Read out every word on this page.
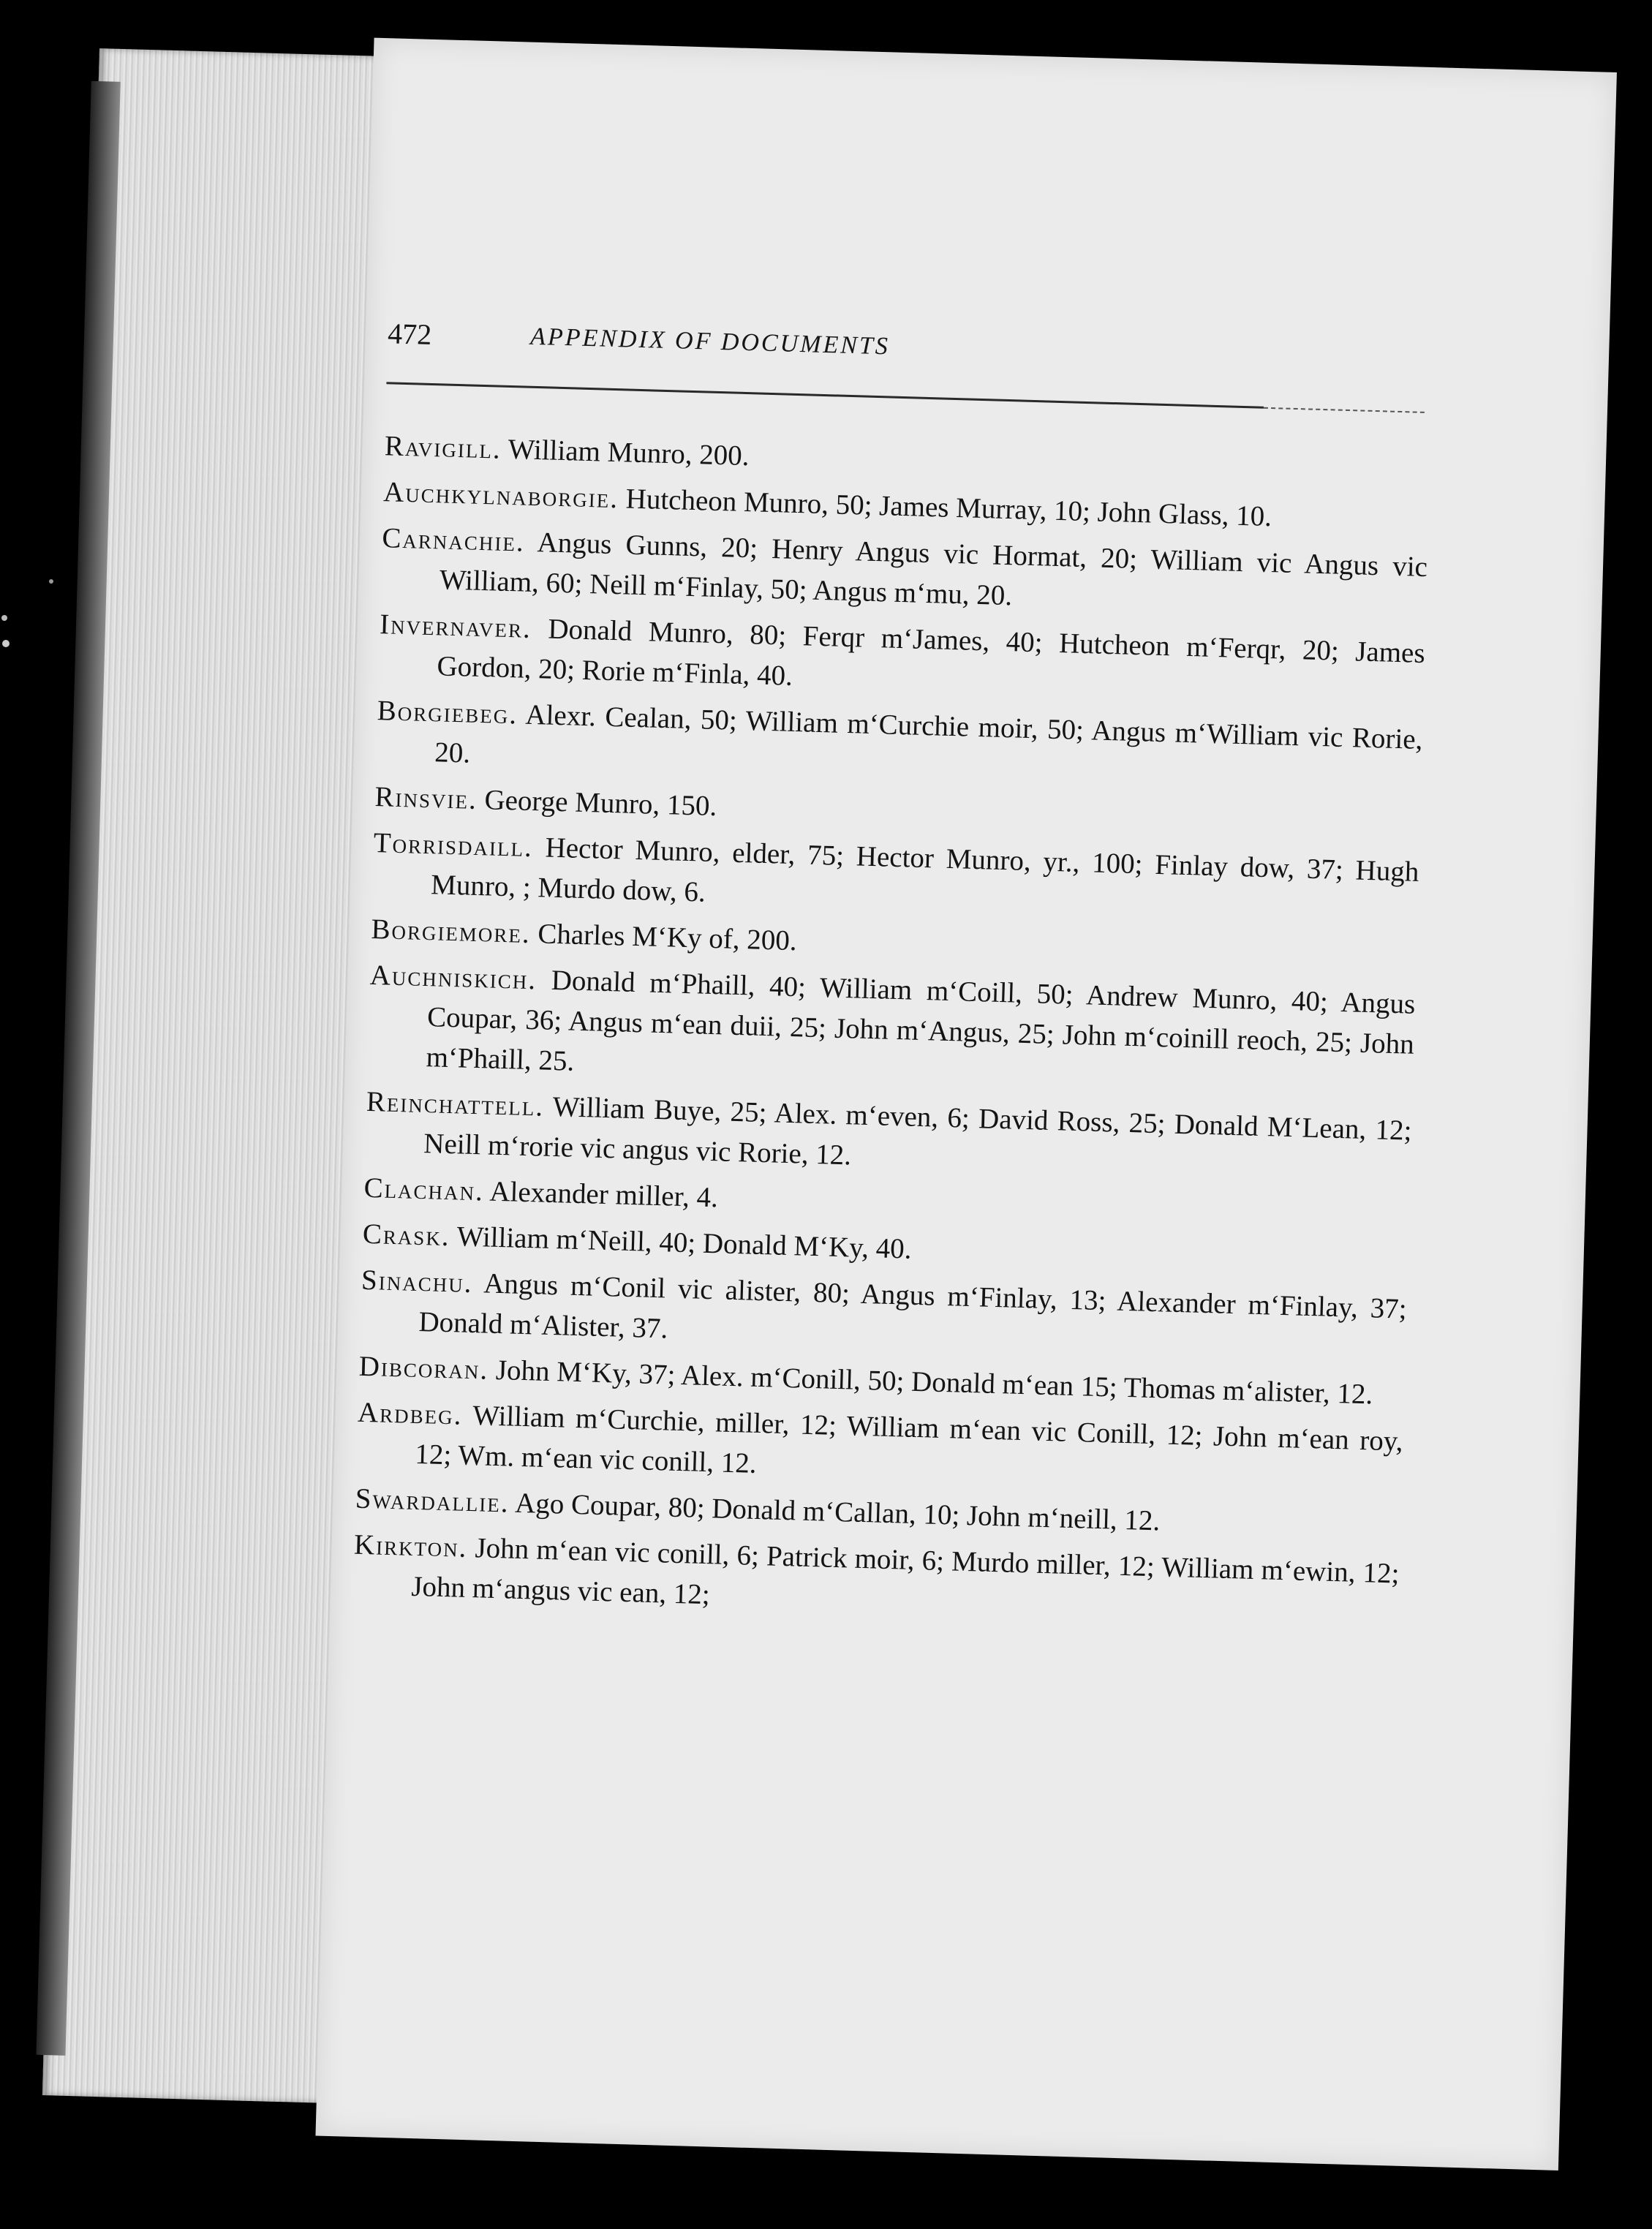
472	APPENDIX OF DOCUMENTS

Ravigill. William Munro, 200.

Auchkylnaborgie. Hutcheon Munro, 50; James Murray, 10; John Glass, 10.

Carnachie. Angus Gunns, 20; Henry Angus vic Hormat, 20; William vic Angus vic William, 60; Neill m‘Finlay, 50; Angus m‘mu, 20.

Invernaver. Donald Munro, 80; Ferqr m‘James, 40; Hutcheon m‘Ferqr, 20; James Gordon, 20; Rorie m‘Finla, 40.

Borgiebeg. Alexr. Cealan, 50; William m‘Curchie moir, 50; Angus m‘William vic Rorie, 20.

Rinsvie. George Munro, 150.

Torrisdaill. Hector Munro, elder, 75; Hector Munro, yr., 100; Finlay dow, 37; Hugh Munro, ; Murdo dow, 6.

Borgiemore. Charles M‘Ky of, 200.

Auchniskich. Donald m‘Phaill, 40; William m‘Coill, 50; Andrew Munro, 40; Angus Coupar, 36; Angus m‘ean duii, 25; John m‘Angus, 25; John m‘coinill reoch, 25; John m‘Phaill, 25.

Reinchattell. William Buye, 25; Alex. m‘even, 6; David Ross, 25; Donald M‘Lean, 12; Neill m‘rorie vic angus vic Rorie, 12.

Clachan. Alexander miller, 4.

Crask. William m‘Neill, 40; Donald M‘Ky, 40.

Sinachu. Angus m‘Conil vic alister, 80; Angus m‘Finlay, 13; Alexander m‘Finlay, 37; Donald m‘Alister, 37.

Dibcoran. John M‘Ky, 37; Alex. m‘Conill, 50; Donald m‘ean 15; Thomas m‘alister, 12.

Ardbeg. William m‘Curchie, miller, 12; William m‘ean vic Conill, 12; John m‘ean roy, 12; Wm. m‘ean vic conill, 12.

Swardallie. Ago Coupar, 80; Donald m‘Callan, 10; John m‘neill, 12.

Kirkton. John m‘ean vic conill, 6; Patrick moir, 6; Murdo miller, 12; William m‘ewin, 12; John m‘angus vic ean, 12;
